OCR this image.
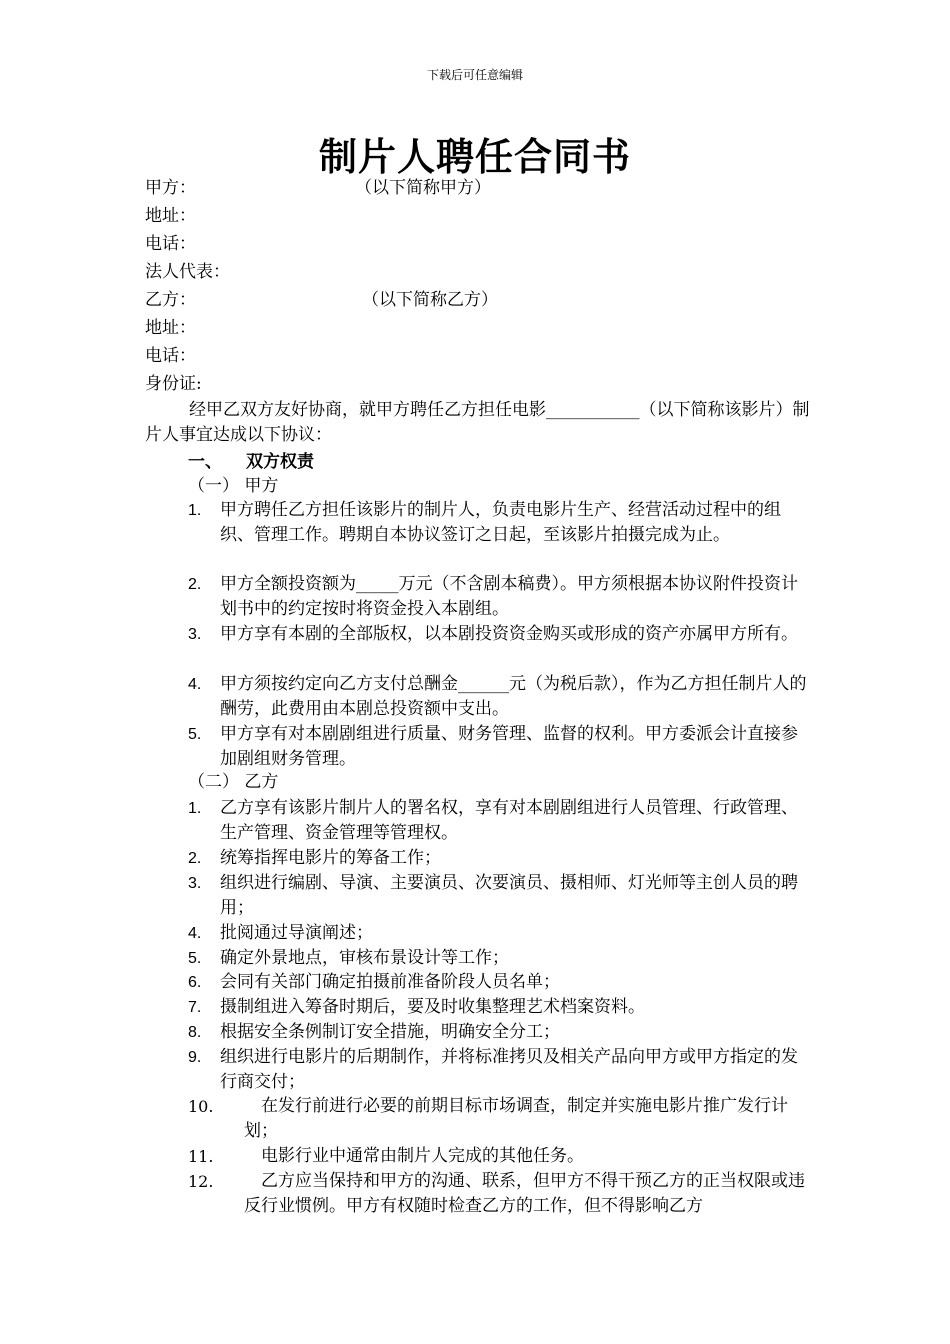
下载后可任意编辑
制片人聘任合同书
甲方：	（以下简称甲方）
地址：
电话：
法人代表：
乙方：	（以下简称乙方）
地址：
电话：
身份证:
经甲乙双方友好协商，就甲方聘任乙方担任电影___________（以下简称该影片）制片人事宜达成以下协议：
一、 双方权责
（一） 甲方
1.	甲方聘任乙方担任该影片的制片人，负责电影片生产、经营活动过程中的组织、管理工作。聘期自本协议签订之日起，至该影片拍摄完成为止。
2.	甲方全额投资额为_____万元（不含剧本稿费）。甲方须根据本协议附件投资计划书中的约定按时将资金投入本剧组。
3.	甲方享有本剧的全部版权，以本剧投资资金购买或形成的资产亦属甲方所有。
4.	甲方须按约定向乙方支付总酬金______元（为税后款），作为乙方担任制片人的酬劳，此费用由本剧总投资额中支出。
5.	甲方享有对本剧剧组进行质量、财务管理、监督的权利。甲方委派会计直接参加剧组财务管理。
（二） 乙方
1.	乙方享有该影片制片人的署名权，享有对本剧剧组进行人员管理、行政管理、生产管理、资金管理等管理权。
2.	统筹指挥电影片的筹备工作；
3.	组织进行编剧、导演、主要演员、次要演员、摄相师、灯光师等主创人员的聘用；
4.	批阅通过导演阐述；
5.	确定外景地点，审核布景设计等工作；
6.	会同有关部门确定拍摄前准备阶段人员名单；
7.	摄制组进入筹备时期后，要及时收集整理艺术档案资料。
8.	根据安全条例制订安全措施，明确安全分工；
9.	组织进行电影片的后期制作，并将标准拷贝及相关产品向甲方或甲方指定的发行商交付；
10.	在发行前进行必要的前期目标市场调查，制定并实施电影片推广发行计划；
11.	电影行业中通常由制片人完成的其他任务。
12.	乙方应当保持和甲方的沟通、联系，但甲方不得干预乙方的正当权限或违反行业惯例。甲方有权随时检查乙方的工作，但不得影响乙方
